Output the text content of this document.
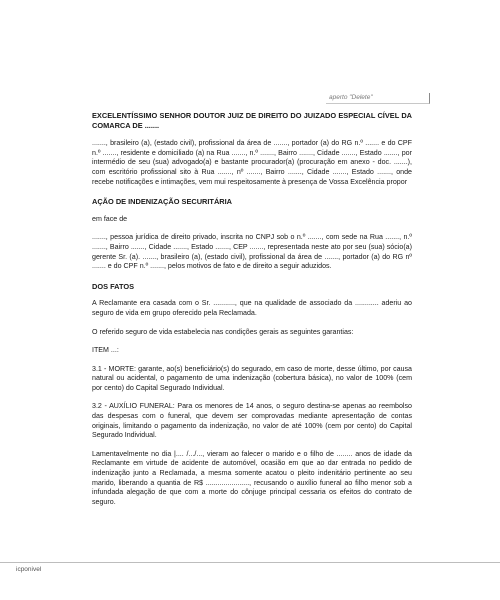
apertо "Delete"
EXCELENTÍSSIMO SENHOR DOUTOR JUIZ DE DIREITO DO JUIZADO ESPECIAL CÍVEL DA COMARCA DE .......

......., brasileiro (a), (estado civil), profissional da área de ......., portador (a) do RG n.º ....... e do CPF n.º ......., residente e domiciliado (a) na Rua ......., n.º ......., Bairro ......., Cidade ......., Estado ......., por intermédio de seu (sua) advogado(a) e bastante procurador(a) (procuração em anexo - doc. .......), com escritório profissional sito à Rua ......., nº ......., Bairro ......., Cidade ......., Estado ......., onde recebe notificações e intimações, vem mui respeitosamente à presença de Vossa Excelência propor

AÇÃO DE INDENIZAÇÃO SECURITÁRIA

em face de

......., pessoa jurídica de direito privado, inscrita no CNPJ sob o n.º ......., com sede na Rua ......., n.º ......., Bairro ......., Cidade ......., Estado ......., CEP ......., representada neste ato por seu (sua) sócio(a) gerente Sr. (a). ......., brasileiro (a), (estado civil), profissional da área de ......., portador (a) do RG nº ....... e do CPF n.º ......., pelos motivos de fato e de direito a seguir aduzidos.

DOS FATOS

A Reclamante era casada com o Sr. ..........., que na qualidade de associado da ............ aderiu ao seguro de vida em grupo oferecido pela Reclamada.

O referido seguro de vida estabelecia nas condições gerais as seguintes garantias:

ITEM ...:

3.1 - MORTE: garante, ao(s) beneficiário(s) do segurado, em caso de morte, desse último, por causa natural ou acidental, o pagamento de uma indenização (cobertura básica), no valor de 100% (cem por cento) do Capital Segurado Individual.

3.2 - AUXÍLIO FUNERAL: Para os menores de 14 anos, o seguro destina-se apenas ao reembolso das despesas com o funeral, que devem ser comprovadas mediante apresentação de contas originais, limitando o pagamento da indenização, no valor de até 100% (cem por cento) do Capital Segurado Individual.

Lamentavelmente no dia |.... /.../..., vieram ao falecer o marido e o filho de ........ anos de idade da Reclamante em virtude de acidente de automóvel, ocasião em que ao dar entrada no pedido de indenização junto a Reclamada, a mesma somente acatou o pleito indenitário pertinente ao seu marido, liberando a quantia de R$ ......................, recusando o auxílio funeral ao filho menor sob a infundada alegação de que com a morte do cônjuge principal cessaria os efeitos do contrato de seguro.

icponivel
